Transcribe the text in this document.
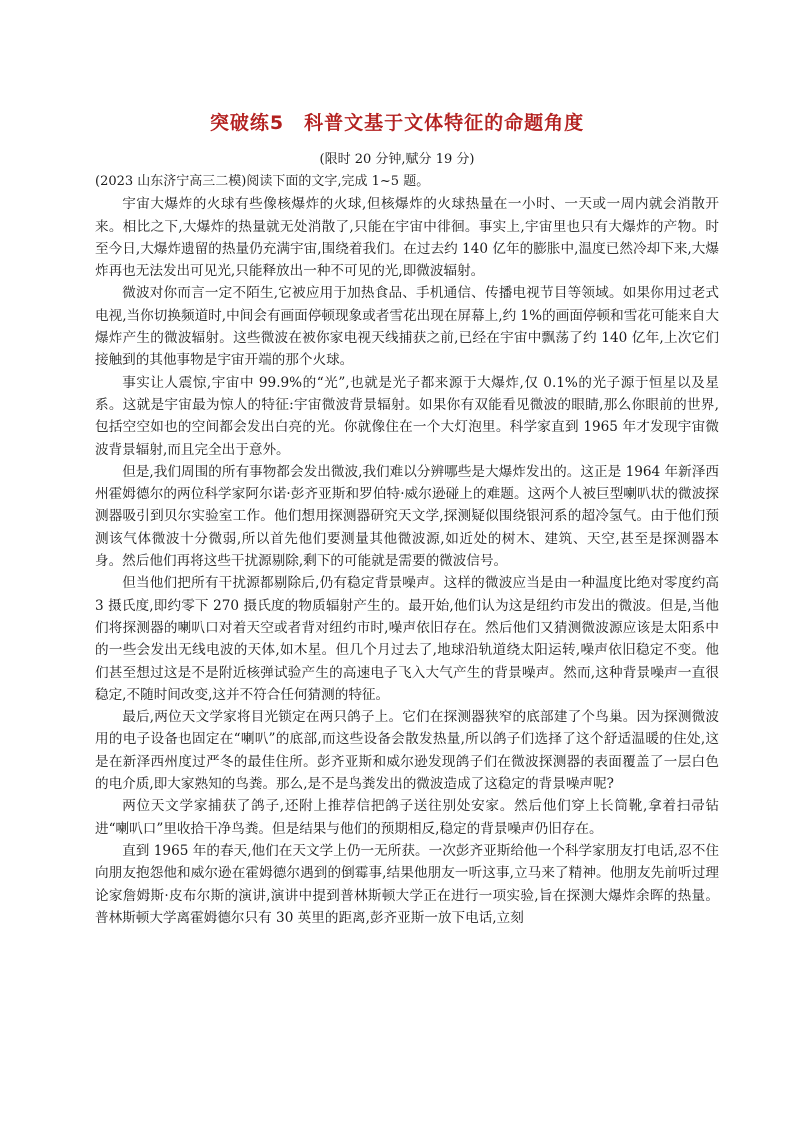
突破练5　科普文基于文体特征的命题角度
(限时 20 分钟,赋分 19 分)

(2023 山东济宁高三二模)阅读下面的文字,完成 1~5 题。

宇宙大爆炸的火球有些像核爆炸的火球,但核爆炸的火球热量在一小时、一天或一周内就会消散开来。相比之下,大爆炸的热量就无处消散了,只能在宇宙中徘徊。事实上,宇宙里也只有大爆炸的产物。时至今日,大爆炸遗留的热量仍充满宇宙,围绕着我们。在过去约 140 亿年的膨胀中,温度已然冷却下来,大爆炸再也无法发出可见光,只能释放出一种不可见的光,即微波辐射。

微波对你而言一定不陌生,它被应用于加热食品、手机通信、传播电视节目等领域。如果你用过老式电视,当你切换频道时,中间会有画面停顿现象或者雪花出现在屏幕上,约 1%的画面停顿和雪花可能来自大爆炸产生的微波辐射。这些微波在被你家电视天线捕获之前,已经在宇宙中飘荡了约 140 亿年,上次它们接触到的其他事物是宇宙开端的那个火球。

事实让人震惊,宇宙中 99.9%的“光”,也就是光子都来源于大爆炸,仅 0.1%的光子源于恒星以及星系。这就是宇宙最为惊人的特征:宇宙微波背景辐射。如果你有双能看见微波的眼睛,那么你眼前的世界,包括空空如也的空间都会发出白亮的光。你就像住在一个大灯泡里。科学家直到 1965 年才发现宇宙微波背景辐射,而且完全出于意外。

但是,我们周围的所有事物都会发出微波,我们难以分辨哪些是大爆炸发出的。这正是 1964 年新泽西州霍姆德尔的两位科学家阿尔诺·彭齐亚斯和罗伯特·威尔逊碰上的难题。这两个人被巨型喇叭状的微波探测器吸引到贝尔实验室工作。他们想用探测器研究天文学,探测疑似围绕银河系的超冷氢气。由于他们预测该气体微波十分微弱,所以首先他们要测量其他微波源,如近处的树木、建筑、天空,甚至是探测器本身。然后他们再将这些干扰源剔除,剩下的可能就是需要的微波信号。

但当他们把所有干扰源都剔除后,仍有稳定背景噪声。这样的微波应当是由一种温度比绝对零度约高 3 摄氏度,即约零下 270 摄氏度的物质辐射产生的。最开始,他们认为这是纽约市发出的微波。但是,当他们将探测器的喇叭口对着天空或者背对纽约市时,噪声依旧存在。然后他们又猜测微波源应该是太阳系中的一些会发出无线电波的天体,如木星。但几个月过去了,地球沿轨道绕太阳运转,噪声依旧稳定不变。他们甚至想过这是不是附近核弹试验产生的高速电子飞入大气产生的背景噪声。然而,这种背景噪声一直很稳定,不随时间改变,这并不符合任何猜测的特征。

最后,两位天文学家将目光锁定在两只鸽子上。它们在探测器狭窄的底部建了个鸟巢。因为探测微波用的电子设备也固定在“喇叭”的底部,而这些设备会散发热量,所以鸽子们选择了这个舒适温暖的住处,这是在新泽西州度过严冬的最佳住所。彭齐亚斯和威尔逊发现鸽子们在微波探测器的表面覆盖了一层白色的电介质,即大家熟知的鸟粪。那么,是不是鸟粪发出的微波造成了这稳定的背景噪声呢?

两位天文学家捕获了鸽子,还附上推荐信把鸽子送往别处安家。然后他们穿上长筒靴,拿着扫帚钻进“喇叭口”里收拾干净鸟粪。但是结果与他们的预期相反,稳定的背景噪声仍旧存在。

直到 1965 年的春天,他们在天文学上仍一无所获。一次彭齐亚斯给他一个科学家朋友打电话,忍不住向朋友抱怨他和威尔逊在霍姆德尔遇到的倒霉事,结果他朋友一听这事,立马来了精神。他朋友先前听过理论家詹姆斯·皮布尔斯的演讲,演讲中提到普林斯顿大学正在进行一项实验,旨在探测大爆炸余晖的热量。普林斯顿大学离霍姆德尔只有 30 英里的距离,彭齐亚斯一放下电话,立刻
